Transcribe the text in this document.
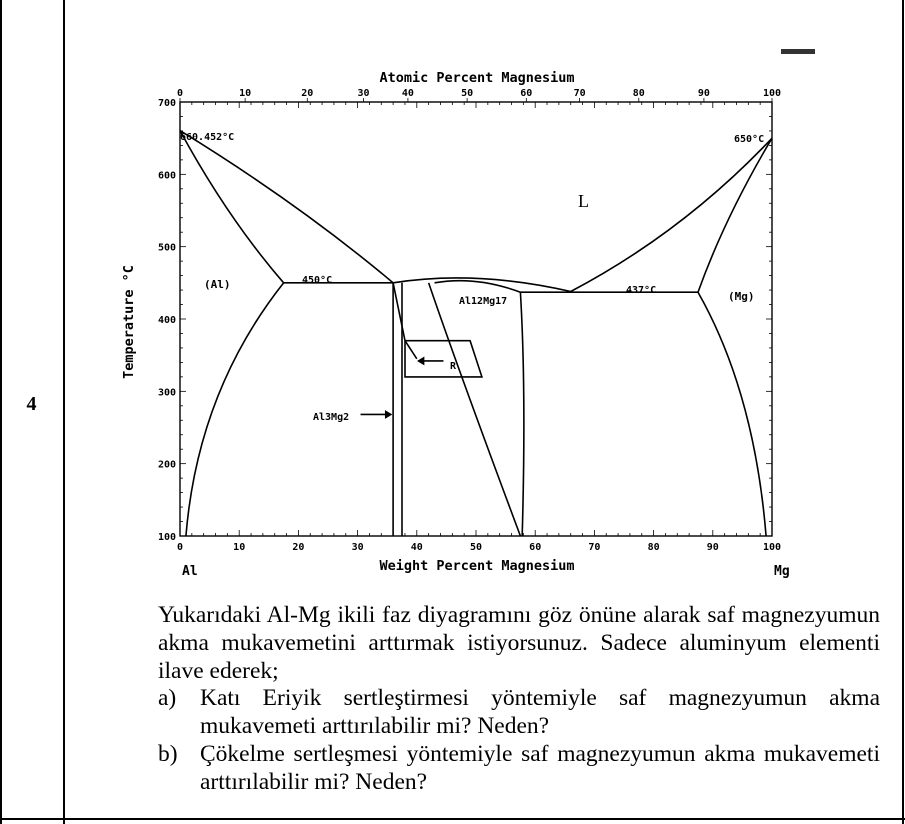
4
0	10	20	30	40	50	60	70	80	90	100
0	10	20	30	40	50	60	70	80	90	100
100
200
300
400
500
600
700
Atomic Percent Magnesium
Weight Percent Magnesium
Temperature °C
Al	Mg
660.452°C	650°C
L
(Al)
(Mg)
450°C
437°C
Al12Mg17
Al3Mg2
R

Yukarıdaki Al-Mg ikili faz diyagramını göz önüne alarak saf magnezyumun akma mukavemetini arttırmak istiyorsunuz. Sadece aluminyum elementi ilave ederek;

a)	Katı Eriyik sertleştirmesi yöntemiyle saf magnezyumun akma mukavemeti arttırılabilir mi? Neden?
b) Çökelme sertleşmesi yöntemiyle saf magnezyumun akma mukavemeti arttırılabilir mi? Neden?
